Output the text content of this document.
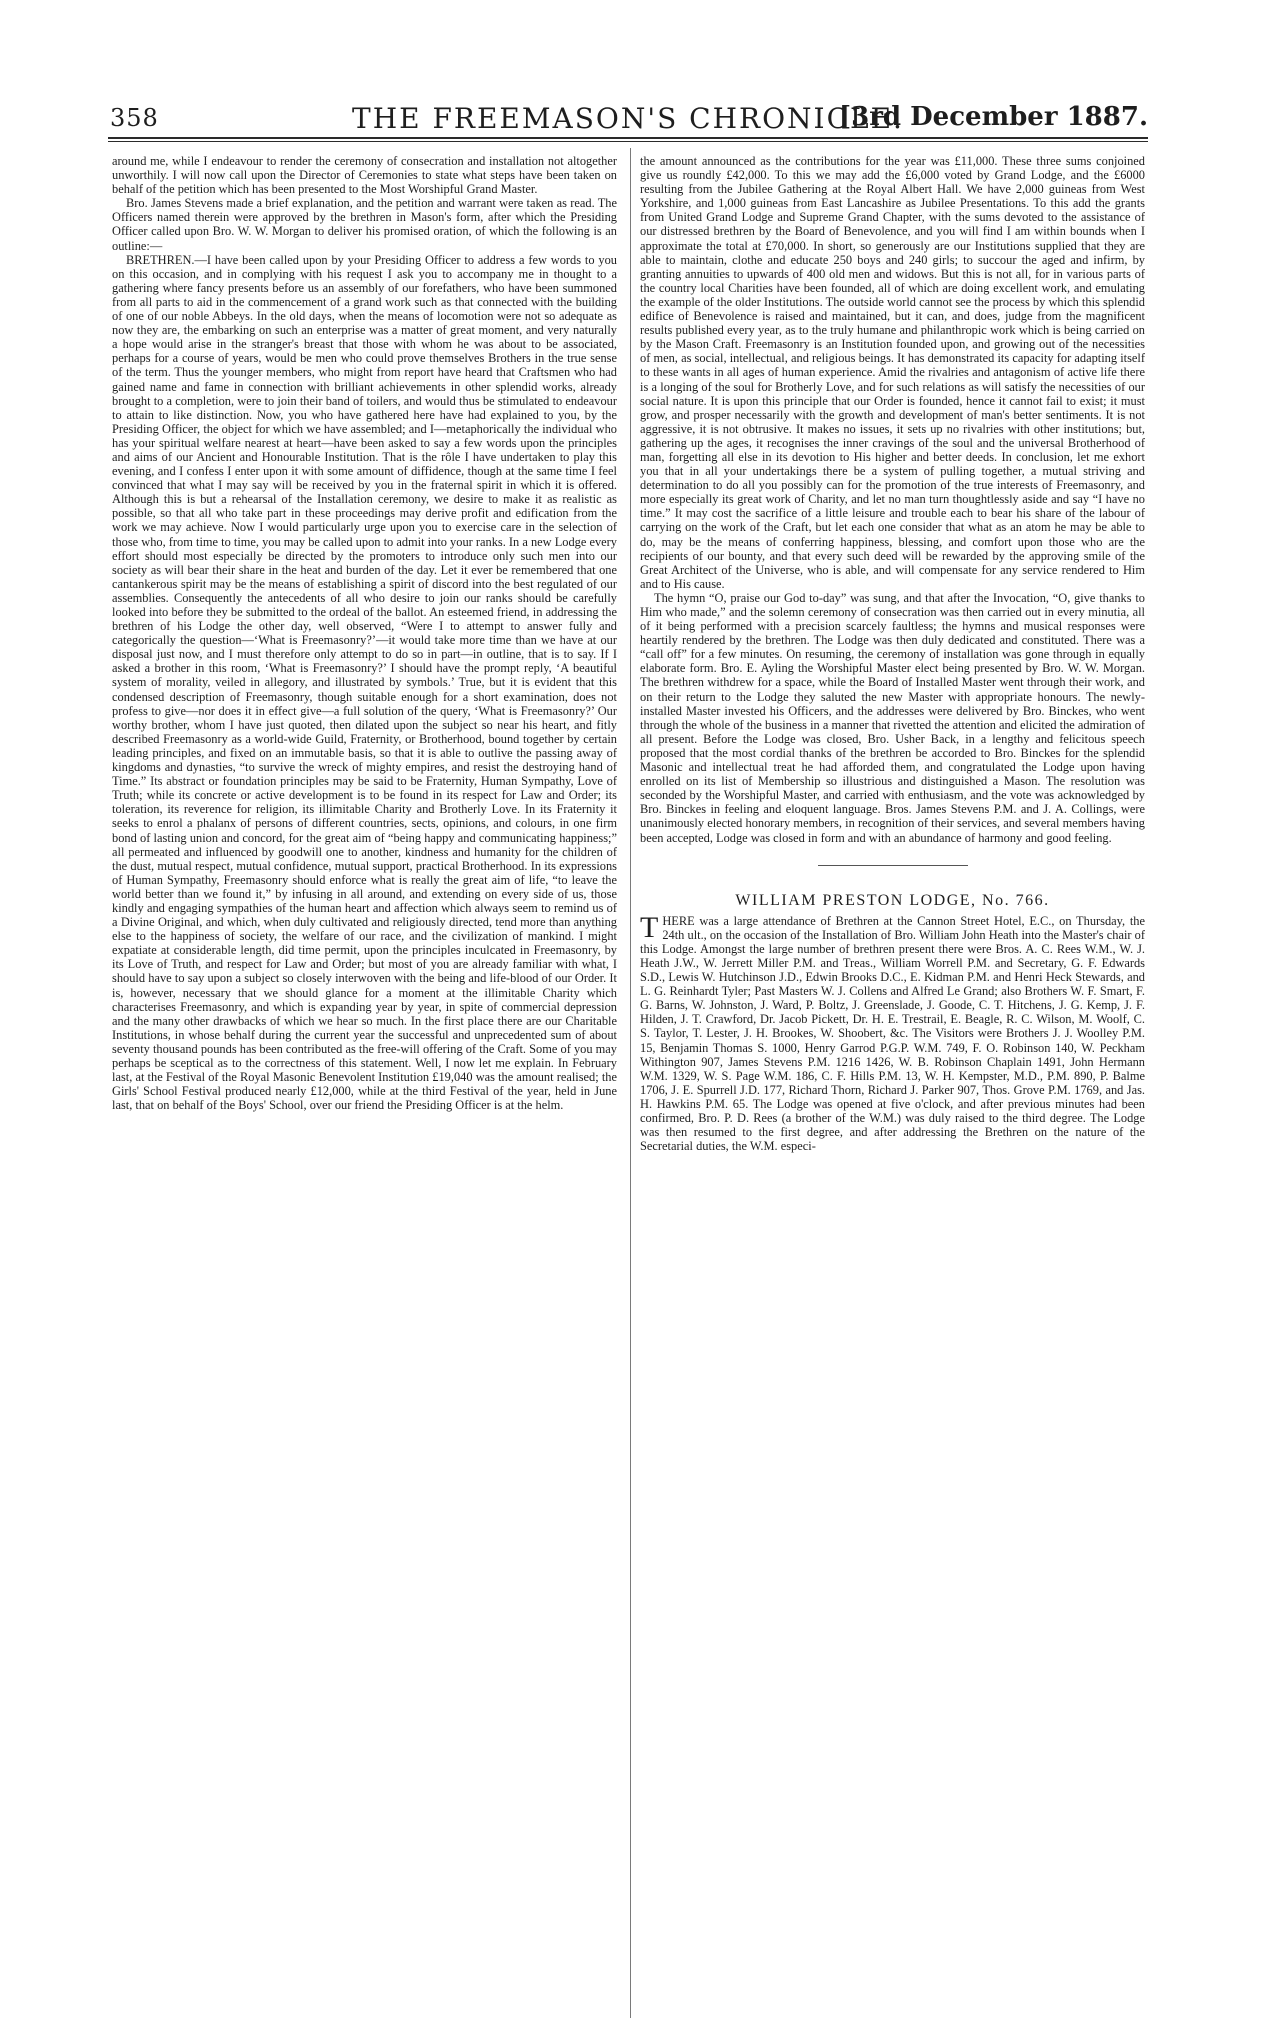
358	THE FREEMASON'S CHRONICLE.
[3rd December 1887.

around me, while I endeavour to render the ceremony of consecration and installation not altogether unworthily. I will now call upon the Director of Ceremonies to state what steps have been taken on behalf of the petition which has been presented to the Most Worshipful Grand Master.

Bro. James Stevens made a brief explanation, and the petition and warrant were taken as read. The Officers named therein were approved by the brethren in Mason's form, after which the Presiding Officer called upon Bro. W. W. Morgan to deliver his promised oration, of which the following is an outline:—

BRETHREN.—I have been called upon by your Presiding Officer to address a few words to you on this occasion, and in complying with his request I ask you to accompany me in thought to a gathering where fancy presents before us an assembly of our forefathers, who have been summoned from all parts to aid in the commencement of a grand work such as that connected with the building of one of our noble Abbeys. In the old days, when the means of locomotion were not so adequate as now they are, the embarking on such an enterprise was a matter of great moment, and very naturally a hope would arise in the stranger's breast that those with whom he was about to be associated, perhaps for a course of years, would be men who could prove themselves Brothers in the true sense of the term. Thus the younger members, who might from report have heard that Craftsmen who had gained name and fame in connection with brilliant achievements in other splendid works, already brought to a completion, were to join their band of toilers, and would thus be stimulated to endeavour to attain to like distinction. Now, you who have gathered here have had explained to you, by the Presiding Officer, the object for which we have assembled; and I—metaphorically the individual who has your spiritual welfare nearest at heart—have been asked to say a few words upon the principles and aims of our Ancient and Honourable Institution. That is the rôle I have undertaken to play this evening, and I confess I enter upon it with some amount of diffidence, though at the same time I feel convinced that what I may say will be received by you in the fraternal spirit in which it is offered. Although this is but a rehearsal of the Installation ceremony, we desire to make it as realistic as possible, so that all who take part in these proceedings may derive profit and edification from the work we may achieve. Now I would particularly urge upon you to exercise care in the selection of those who, from time to time, you may be called upon to admit into your ranks. In a new Lodge every effort should most especially be directed by the promoters to introduce only such men into our society as will bear their share in the heat and burden of the day. Let it ever be remembered that one cantankerous spirit may be the means of establishing a spirit of discord into the best regulated of our assemblies. Consequently the antecedents of all who desire to join our ranks should be carefully looked into before they be submitted to the ordeal of the ballot. An esteemed friend, in addressing the brethren of his Lodge the other day, well observed, “Were I to attempt to answer fully and categorically the question—‘What is Freemasonry?’—it would take more time than we have at our disposal just now, and I must therefore only attempt to do so in part—in outline, that is to say. If I asked a brother in this room, ‘What is Freemasonry?’ I should have the prompt reply, ‘A beautiful system of morality, veiled in allegory, and illustrated by symbols.’ True, but it is evident that this condensed description of Freemasonry, though suitable enough for a short examination, does not profess to give—nor does it in effect give—a full solution of the query, ‘What is Freemasonry?’ Our worthy brother, whom I have just quoted, then dilated upon the subject so near his heart, and fitly described Freemasonry as a world-wide Guild, Fraternity, or Brotherhood, bound together by certain leading principles, and fixed on an immutable basis, so that it is able to outlive the passing away of kingdoms and dynasties, “to survive the wreck of mighty empires, and resist the destroying hand of Time.” Its abstract or foundation principles may be said to be Fraternity, Human Sympathy, Love of Truth; while its concrete or active development is to be found in its respect for Law and Order; its toleration, its reverence for religion, its illimitable Charity and Brotherly Love. In its Fraternity it seeks to enrol a phalanx of persons of different countries, sects, opinions, and colours, in one firm bond of lasting union and concord, for the great aim of “being happy and communicating happiness;” all permeated and influenced by goodwill one to another, kindness and humanity for the children of the dust, mutual respect, mutual confidence, mutual support, practical Brotherhood. In its expressions of Human Sympathy, Freemasonry should enforce what is really the great aim of life, “to leave the world better than we found it,” by infusing in all around, and extending on every side of us, those kindly and engaging sympathies of the human heart and affection which always seem to remind us of a Divine Original, and which, when duly cultivated and religiously directed, tend more than anything else to the happiness of society, the welfare of our race, and the civilization of mankind. I might expatiate at considerable length, did time permit, upon the principles inculcated in Freemasonry, by its Love of Truth, and respect for Law and Order; but most of you are already familiar with what, I should have to say upon a subject so closely interwoven with the being and life-blood of our Order. It is, however, necessary that we should glance for a moment at the illimitable Charity which characterises Freemasonry, and which is expanding year by year, in spite of commercial depression and the many other drawbacks of which we hear so much. In the first place there are our Charitable Institutions, in whose behalf during the current year the successful and unprecedented sum of about seventy thousand pounds has been contributed as the free-will offering of the Craft. Some of you may perhaps be sceptical as to the correctness of this statement. Well, I now let me explain. In February last, at the Festival of the Royal Masonic Benevolent Institution £19,040 was the amount realised; the Girls' School Festival produced nearly £12,000, while at the third Festival of the year, held in June last, that on behalf of the Boys' School, over our friend the Presiding Officer is at the helm.

the amount announced as the contributions for the year was £11,000. These three sums conjoined give us roundly £42,000. To this we may add the £6,000 voted by Grand Lodge, and the £6000 resulting from the Jubilee Gathering at the Royal Albert Hall. We have 2,000 guineas from West Yorkshire, and 1,000 guineas from East Lancashire as Jubilee Presentations. To this add the grants from United Grand Lodge and Supreme Grand Chapter, with the sums devoted to the assistance of our distressed brethren by the Board of Benevolence, and you will find I am within bounds when I approximate the total at £70,000. In short, so generously are our Institutions supplied that they are able to maintain, clothe and educate 250 boys and 240 girls; to succour the aged and infirm, by granting annuities to upwards of 400 old men and widows. But this is not all, for in various parts of the country local Charities have been founded, all of which are doing excellent work, and emulating the example of the older Institutions. The outside world cannot see the process by which this splendid edifice of Benevolence is raised and maintained, but it can, and does, judge from the magnificent results published every year, as to the truly humane and philanthropic work which is being carried on by the Mason Craft. Freemasonry is an Institution founded upon, and growing out of the necessities of men, as social, intellectual, and religious beings. It has demonstrated its capacity for adapting itself to these wants in all ages of human experience. Amid the rivalries and antagonism of active life there is a longing of the soul for Brotherly Love, and for such relations as will satisfy the necessities of our social nature. It is upon this principle that our Order is founded, hence it cannot fail to exist; it must grow, and prosper necessarily with the growth and development of man's better sentiments. It is not aggressive, it is not obtrusive. It makes no issues, it sets up no rivalries with other institutions; but, gathering up the ages, it recognises the inner cravings of the soul and the universal Brotherhood of man, forgetting all else in its devotion to His higher and better deeds. In conclusion, let me exhort you that in all your undertakings there be a system of pulling together, a mutual striving and determination to do all you possibly can for the promotion of the true interests of Freemasonry, and more especially its great work of Charity, and let no man turn thoughtlessly aside and say “I have no time.” It may cost the sacrifice of a little leisure and trouble each to bear his share of the labour of carrying on the work of the Craft, but let each one consider that what as an atom he may be able to do, may be the means of conferring happiness, blessing, and comfort upon those who are the recipients of our bounty, and that every such deed will be rewarded by the approving smile of the Great Architect of the Universe, who is able, and will compensate for any service rendered to Him and to His cause.

The hymn “O, praise our God to-day” was sung, and that after the Invocation, “O, give thanks to Him who made,” and the solemn ceremony of consecration was then carried out in every minutia, all of it being performed with a precision scarcely faultless; the hymns and musical responses were heartily rendered by the brethren. The Lodge was then duly dedicated and constituted. There was a “call off” for a few minutes. On resuming, the ceremony of installation was gone through in equally elaborate form. Bro. E. Ayling the Worshipful Master elect being presented by Bro. W. W. Morgan. The brethren withdrew for a space, while the Board of Installed Master went through their work, and on their return to the Lodge they saluted the new Master with appropriate honours. The newly-installed Master invested his Officers, and the addresses were delivered by Bro. Binckes, who went through the whole of the business in a manner that rivetted the attention and elicited the admiration of all present. Before the Lodge was closed, Bro. Usher Back, in a lengthy and felicitous speech proposed that the most cordial thanks of the brethren be accorded to Bro. Binckes for the splendid Masonic and intellectual treat he had afforded them, and congratulated the Lodge upon having enrolled on its list of Membership so illustrious and distinguished a Mason. The resolution was seconded by the Worshipful Master, and carried with enthusiasm, and the vote was acknowledged by Bro. Binckes in feeling and eloquent language. Bros. James Stevens P.M. and J. A. Collings, were unanimously elected honorary members, in recognition of their services, and several members having been accepted, Lodge was closed in form and with an abundance of harmony and good feeling.

WILLIAM PRESTON LODGE, No. 766.

THERE was a large attendance of Brethren at the Cannon Street Hotel, E.C., on Thursday, the 24th ult., on the occasion of the Installation of Bro. William John Heath into the Master's chair of this Lodge. Amongst the large number of brethren present there were Bros. A. C. Rees W.M., W. J. Heath J.W., W. Jerrett Miller P.M. and Treas., William Worrell P.M. and Secretary, G. F. Edwards S.D., Lewis W. Hutchinson J.D., Edwin Brooks D.C., E. Kidman P.M. and Henri Heck Stewards, and L. G. Reinhardt Tyler; Past Masters W. J. Collens and Alfred Le Grand; also Brothers W. F. Smart, F. G. Barns, W. Johnston, J. Ward, P. Boltz, J. Greenslade, J. Goode, C. T. Hitchens, J. G. Kemp, J. F. Hilden, J. T. Crawford, Dr. Jacob Pickett, Dr. H. E. Trestrail, E. Beagle, R. C. Wilson, M. Woolf, C. S. Taylor, T. Lester, J. H. Brookes, W. Shoobert, &c. The Visitors were Brothers J. J. Woolley P.M. 15, Benjamin Thomas S. 1000, Henry Garrod P.G.P. W.M. 749, F. O. Robinson 140, W. Peckham Withington 907, James Stevens P.M. 1216 1426, W. B. Robinson Chaplain 1491, John Hermann W.M. 1329, W. S. Page W.M. 186, C. F. Hills P.M. 13, W. H. Kempster, M.D., P.M. 890, P. Balme 1706, J. E. Spurrell J.D. 177, Richard Thorn, Richard J. Parker 907, Thos. Grove P.M. 1769, and Jas. H. Hawkins P.M. 65. The Lodge was opened at five o'clock, and after previous minutes had been confirmed, Bro. P. D. Rees (a brother of the W.M.) was duly raised to the third degree. The Lodge was then resumed to the first degree, and after addressing the Brethren on the nature of the Secretarial duties, the W.M. especi-
